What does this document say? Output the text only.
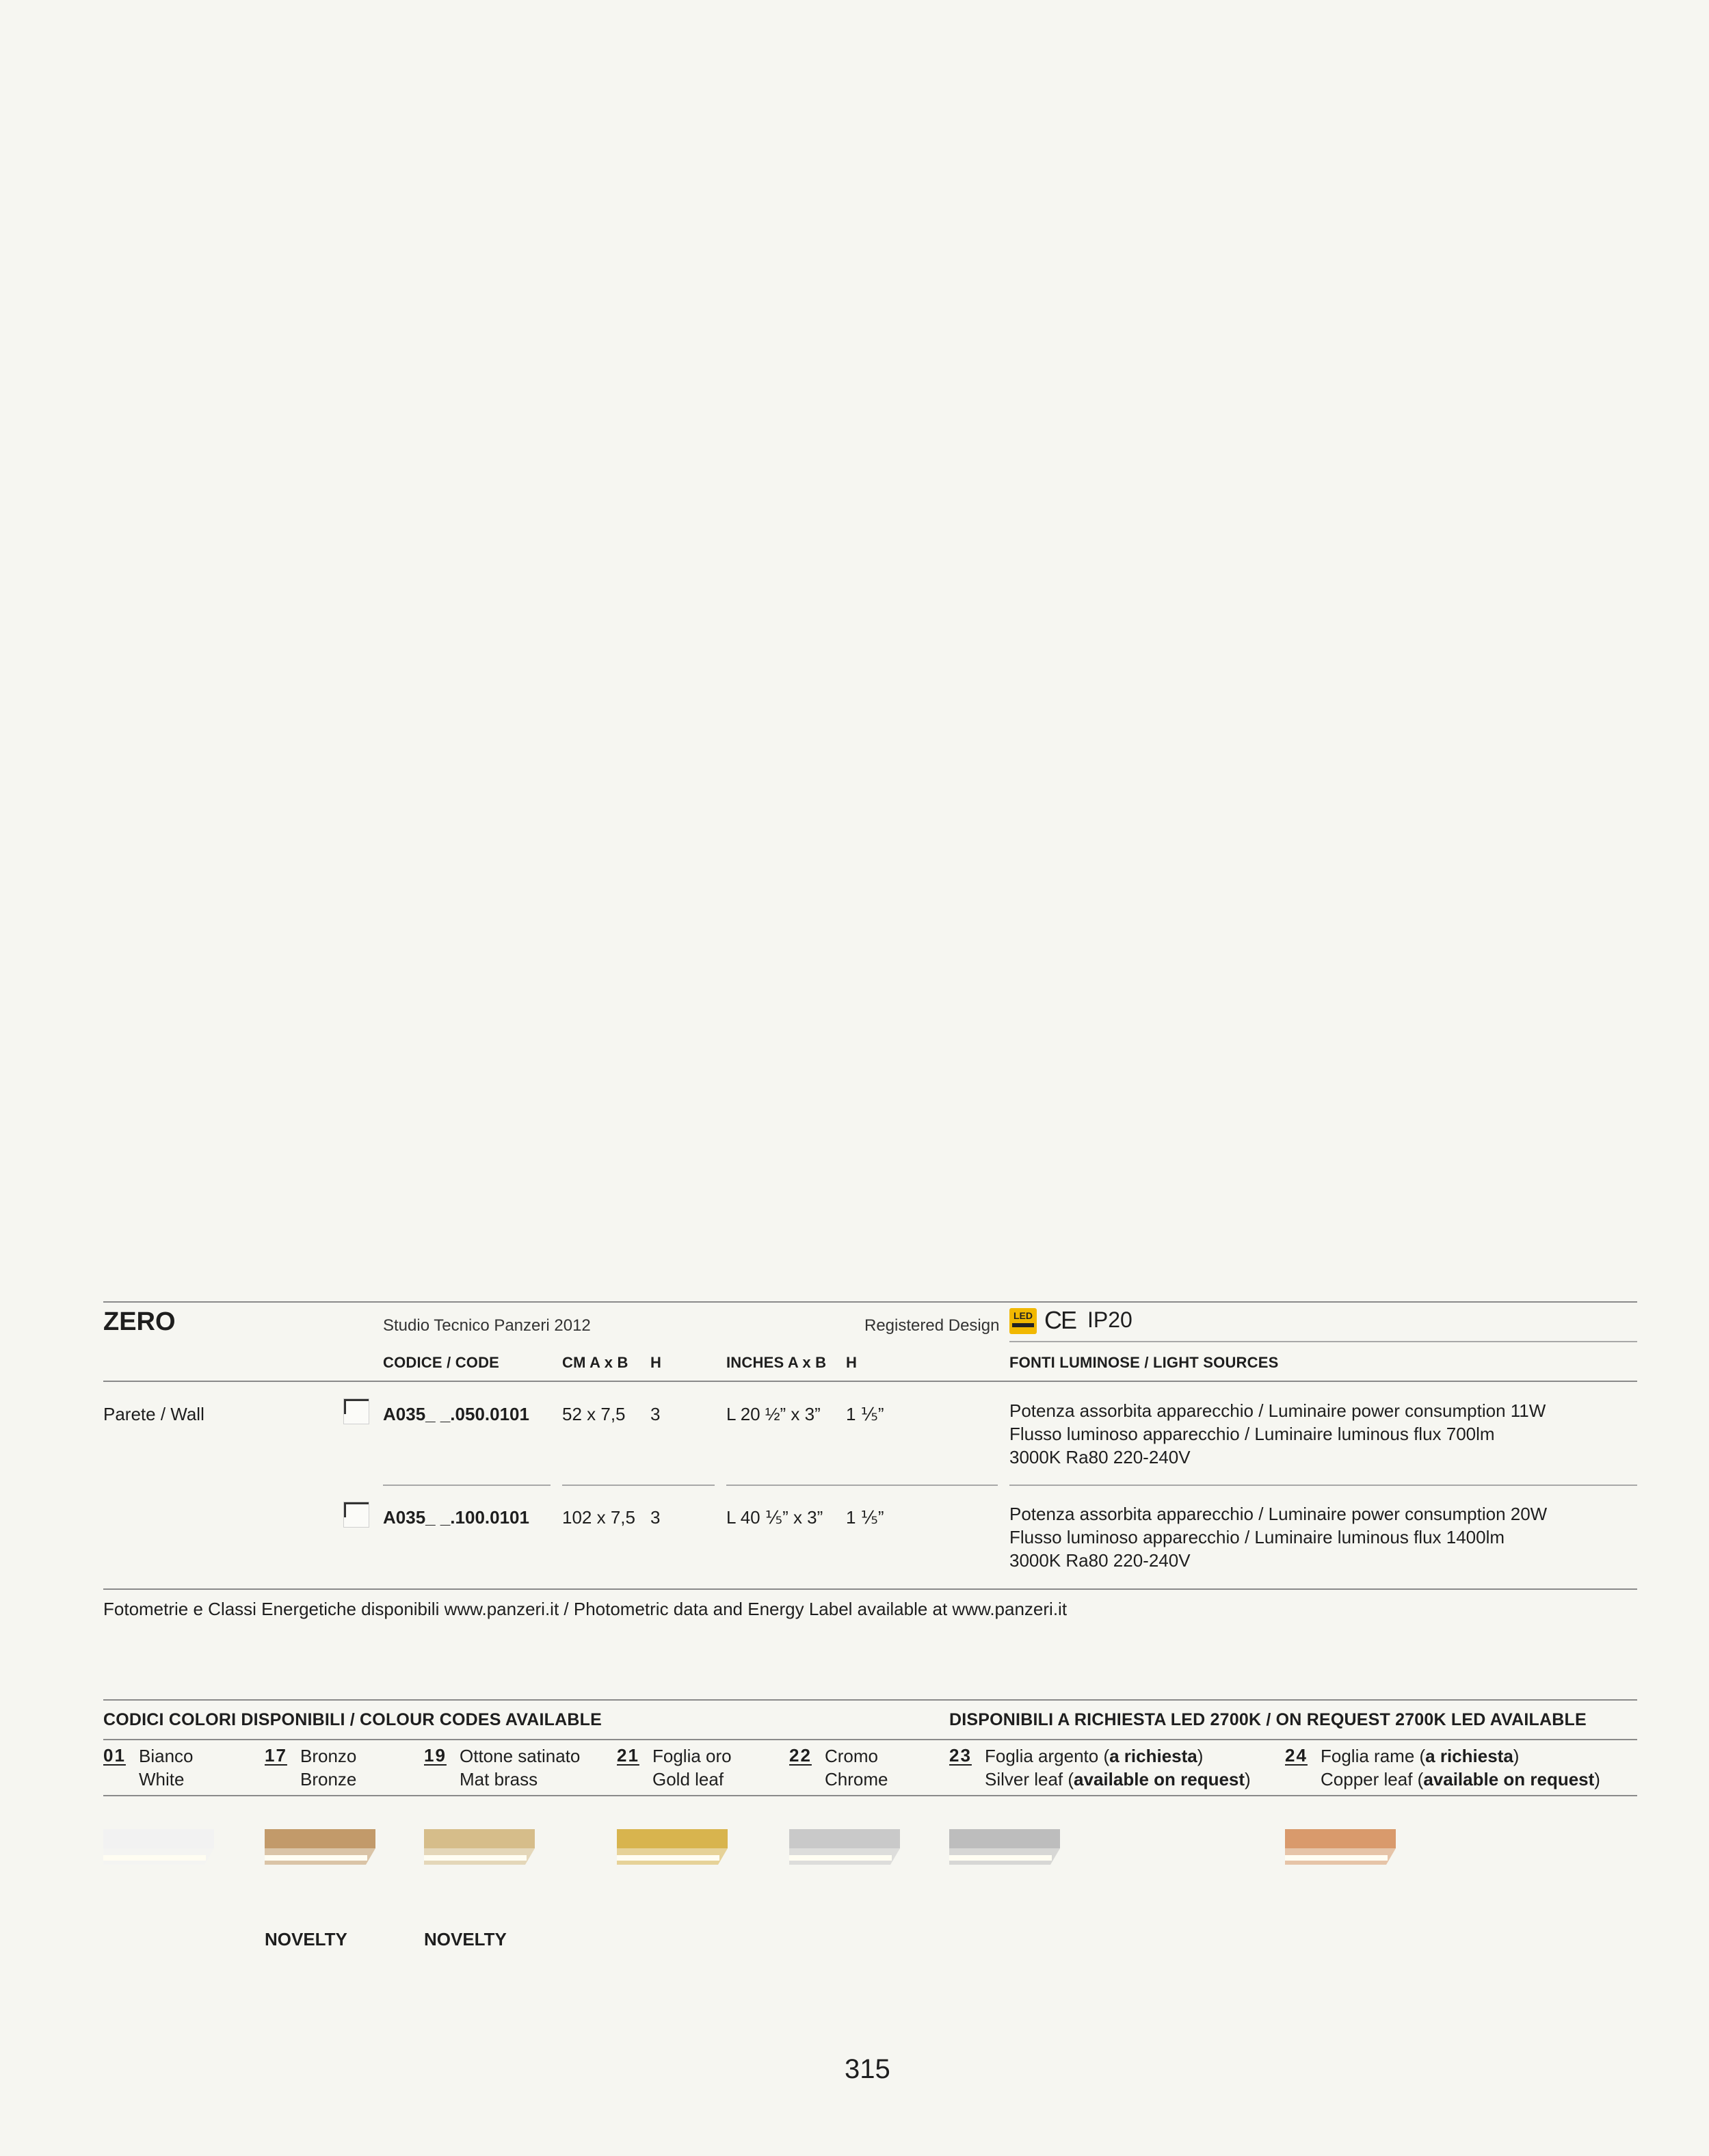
ZERO	Studio Tecnico Panzeri 2012	Registered Design
LED CE IP20
CODICE / CODE	CM A x B H	INCHES A x B H	FONTI LUMINOSE / LIGHT SOURCES
Parete / Wall	A035_ _.050.0101 52 x 7,5 3	L 20 ½” x 3” 1 ⅕”	Potenza assorbita apparecchio / Luminaire power consumption 11W
Flusso luminoso apparecchio / Luminaire luminous flux 700lm
3000K Ra80 220-240V
A035_ _.100.0101 102 x 7,5 3	L 40 ⅕” x 3” 1 ⅕”	Potenza assorbita apparecchio / Luminaire power consumption 20W
Flusso luminoso apparecchio / Luminaire luminous flux 1400lm
3000K Ra80 220-240V
Fotometrie e Classi Energetiche disponibili www.panzeri.it / Photometric data and Energy Label available at www.panzeri.it
CODICI COLORI DISPONIBILI / COLOUR CODES AVAILABLE	DISPONIBILI A RICHIESTA LED 2700K / ON REQUEST 2700K LED AVAILABLE
01 Bianco
White
17 Bronzo
Bronze
19 Ottone satinato
Mat brass
21 Foglia oro
Gold leaf
22 Cromo
Chrome
23 Foglia argento (a richiesta)
Silver leaf (available on request)
24 Foglia rame (a richiesta)
Copper leaf (available on request)
NOVELTY	NOVELTY
315
